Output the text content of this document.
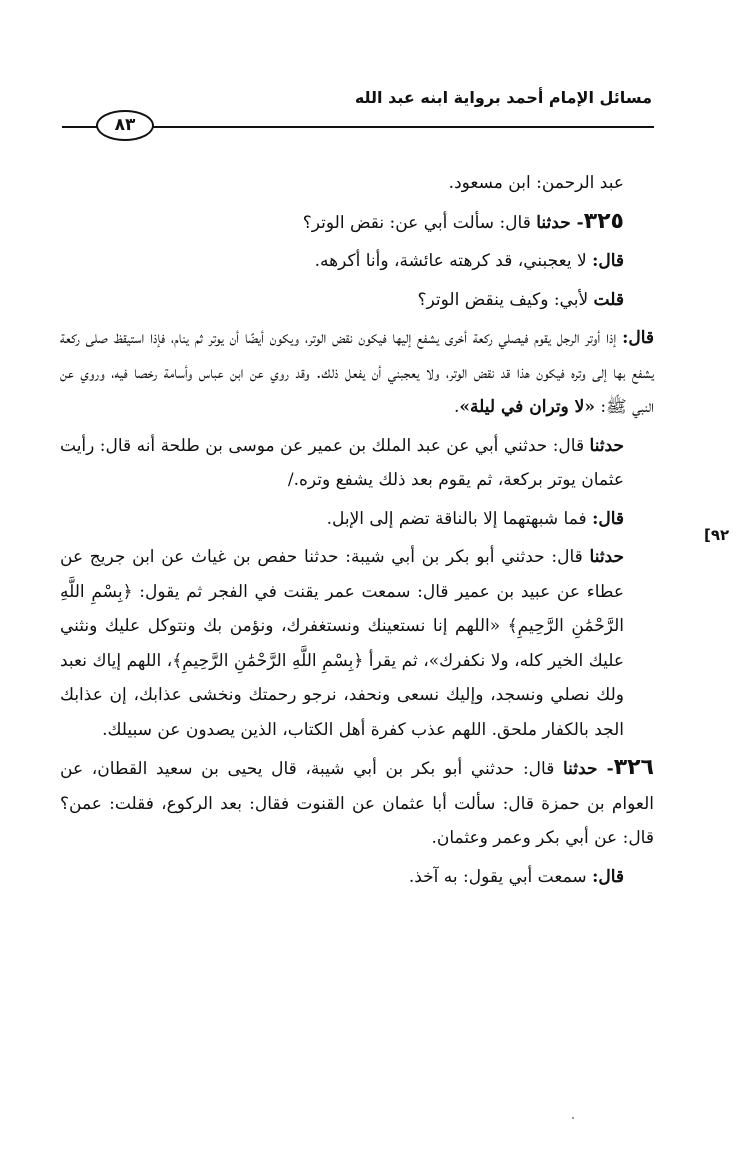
مسائل الإمام أحمد برواية ابنه عبد الله
٨٣
٩٢]

عبد الرحمن: ابن مسعود.

٣٢٥- حدثنا قال: سألت أبي عن: نقض الوتر؟

قال: لا يعجبني، قد كرهته عائشة، وأنا أكرهه.

قلت لأبي: وكيف ينقض الوتر؟

قال: إذا أوتر الرجل يقوم فيصلي ركعة أخرى يشفع إليها فيكون نقض الوتر، ويكون أيضًا أن يوتر ثم ينام، فإذا استيقظ صلى ركعة يشفع بها إلى وتره فيكون هذا قد نقض الوتر، ولا يعجبني أن يفعل ذلك. وقد روي عن ابن عباس وأسامة رخصا فيه، وروي عن النبي ﷺ: «لا وتران في ليلة».

حدثنا قال: حدثني أبي عن عبد الملك بن عمير عن موسى بن طلحة أنه قال: رأيت عثمان يوتر بركعة، ثم يقوم بعد ذلك يشفع وتره./

قال: فما شبهتهما إلا بالناقة تضم إلى الإبل.

حدثنا قال: حدثني أبو بكر بن أبي شيبة: حدثنا حفص بن غياث عن ابن جريج عن عطاء عن عبيد بن عمير قال: سمعت عمر يقنت في الفجر ثم يقول: ﴿بِسْمِ اللَّهِ الرَّحْمَٰنِ الرَّحِيمِ﴾ «اللهم إنا نستعينك ونستغفرك، ونؤمن بك ونتوكل عليك ونثني عليك الخير كله، ولا نكفرك»، ثم يقرأ ﴿بِسْمِ اللَّهِ الرَّحْمَٰنِ الرَّحِيمِ﴾، اللهم إياك نعبد ولك نصلي ونسجد، وإليك نسعى ونحفد، نرجو رحمتك ونخشى عذابك، إن عذابك الجد بالكفار ملحق. اللهم عذب كفرة أهل الكتاب، الذين يصدون عن سبيلك.

٣٢٦- حدثنا قال: حدثني أبو بكر بن أبي شيبة، قال يحيى بن سعيد القطان، عن العوام بن حمزة قال: سألت أبا عثمان عن القنوت فقال: بعد الركوع، فقلت: عمن؟ قال: عن أبي بكر وعمر وعثمان.

قال: سمعت أبي يقول: به آخذ.
